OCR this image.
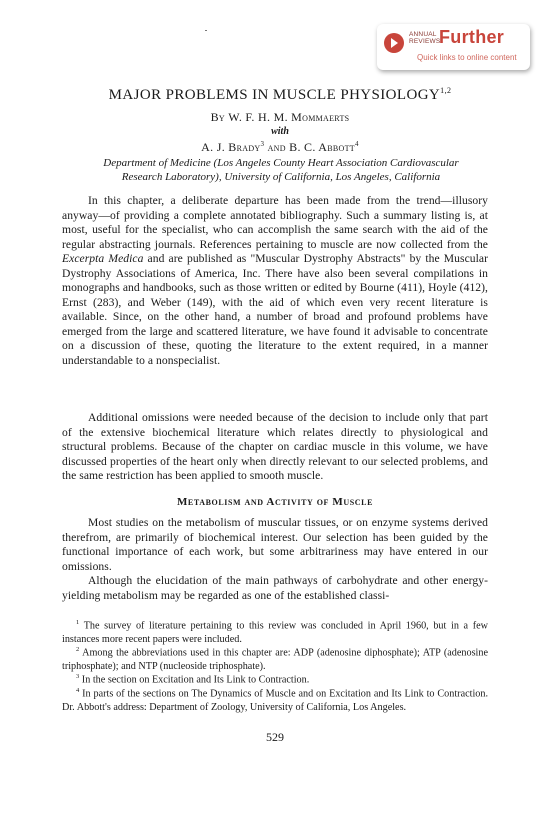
ANNUAL
REVIEWS
Further
Quick links to online content
MAJOR PROBLEMS IN MUSCLE PHYSIOLOGY$^{1,2}$

By W. F. H. M. Mommaerts

with

A. J. Brady$^3$ and B. C. Abbott$^4$

Department of Medicine (Los Angeles County Heart Association Cardiovascular
Research Laboratory), University of California, Los Angeles, California

In this chapter, a deliberate departure has been made from the trend—illusory anyway—of providing a complete annotated bibliography. Such a summary listing is, at most, useful for the specialist, who can accomplish the same search with the aid of the regular abstracting journals. References pertaining to muscle are now collected from the Excerpta Medica and are published as "Muscular Dystrophy Abstracts" by the Muscular Dystrophy Associations of America, Inc. There have also been several compilations in monographs and handbooks, such as those written or edited by Bourne (411), Hoyle (412), Ernst (283), and Weber (149), with the aid of which even very recent literature is available. Since, on the other hand, a number of broad and profound problems have emerged from the large and scattered literature, we have found it advisable to concentrate on a discussion of these, quoting the literature to the extent required, in a manner understandable to a nonspecialist.

Additional omissions were needed because of the decision to include only that part of the extensive biochemical literature which relates directly to physiological and structural problems. Because of the chapter on cardiac muscle in this volume, we have discussed properties of the heart only when directly relevant to our selected problems, and the same restriction has been applied to smooth muscle.

Metabolism and Activity of Muscle

Most studies on the metabolism of muscular tissues, or on enzyme systems derived therefrom, are primarily of biochemical interest. Our selection has been guided by the functional importance of each work, but some arbitrariness may have entered in our omissions.

Although the elucidation of the main pathways of carbohydrate and other energy-yielding metabolism may be regarded as one of the established classi-

$^1$ The survey of literature pertaining to this review was concluded in April 1960, but in a few instances more recent papers were included.

$^2$ Among the abbreviations used in this chapter are: ADP (adenosine diphosphate); ATP (adenosine triphosphate); and NTP (nucleoside triphosphate).

$^3$ In the section on Excitation and Its Link to Contraction.

$^4$ In parts of the sections on The Dynamics of Muscle and on Excitation and Its Link to Contraction. Dr. Abbott's address: Department of Zoology, University of California, Los Angeles.

529
